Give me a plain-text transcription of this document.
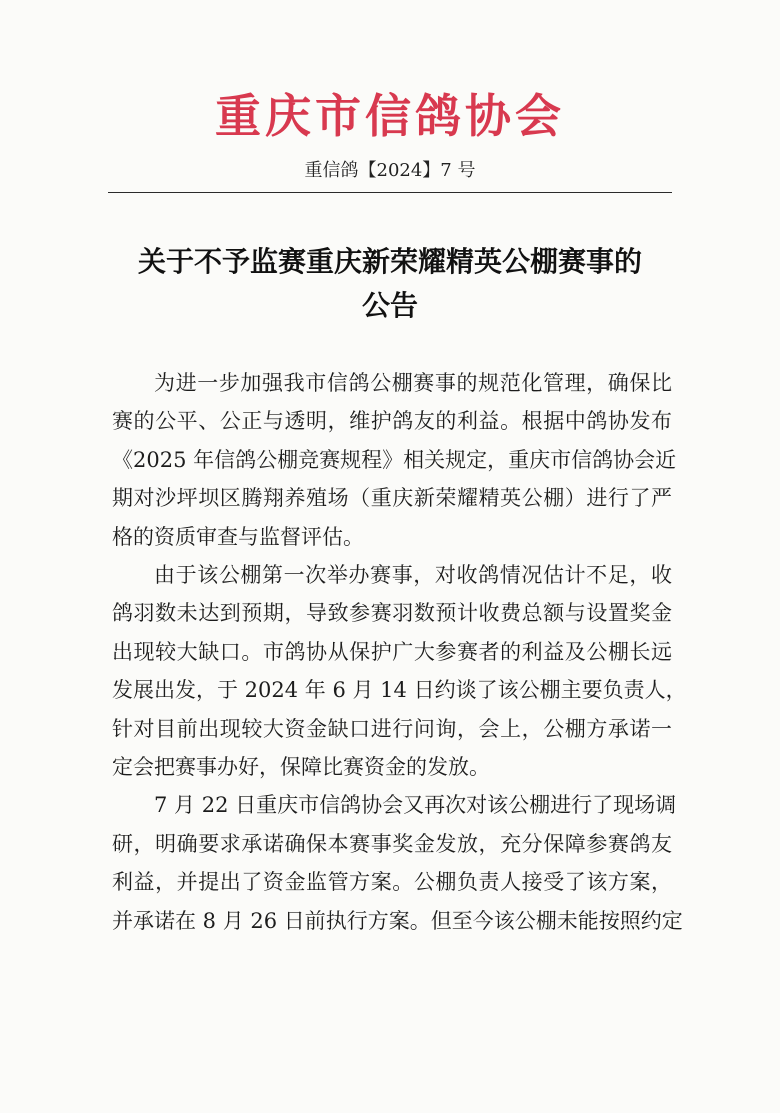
重庆市信鸽协会
重信鸽【2024】7 号
关于不予监赛重庆新荣耀精英公棚赛事的
公告

为进一步加强我市信鸽公棚赛事的规范化管理，确保比
赛的公平、公正与透明，维护鸽友的利益。根据中鸽协发布
《2025 年信鸽公棚竞赛规程》相关规定，重庆市信鸽协会近
期对沙坪坝区腾翔养殖场（重庆新荣耀精英公棚）进行了严
格的资质审查与监督评估。

由于该公棚第一次举办赛事，对收鸽情况估计不足，收
鸽羽数未达到预期，导致参赛羽数预计收费总额与设置奖金
出现较大缺口。市鸽协从保护广大参赛者的利益及公棚长远
发展出发，于 2024 年 6 月 14 日约谈了该公棚主要负责人，
针对目前出现较大资金缺口进行问询，会上，公棚方承诺一
定会把赛事办好，保障比赛资金的发放。

7 月 22 日重庆市信鸽协会又再次对该公棚进行了现场调
研，明确要求承诺确保本赛事奖金发放，充分保障参赛鸽友
利益，并提出了资金监管方案。公棚负责人接受了该方案，
并承诺在 8 月 26 日前执行方案。但至今该公棚未能按照约定
